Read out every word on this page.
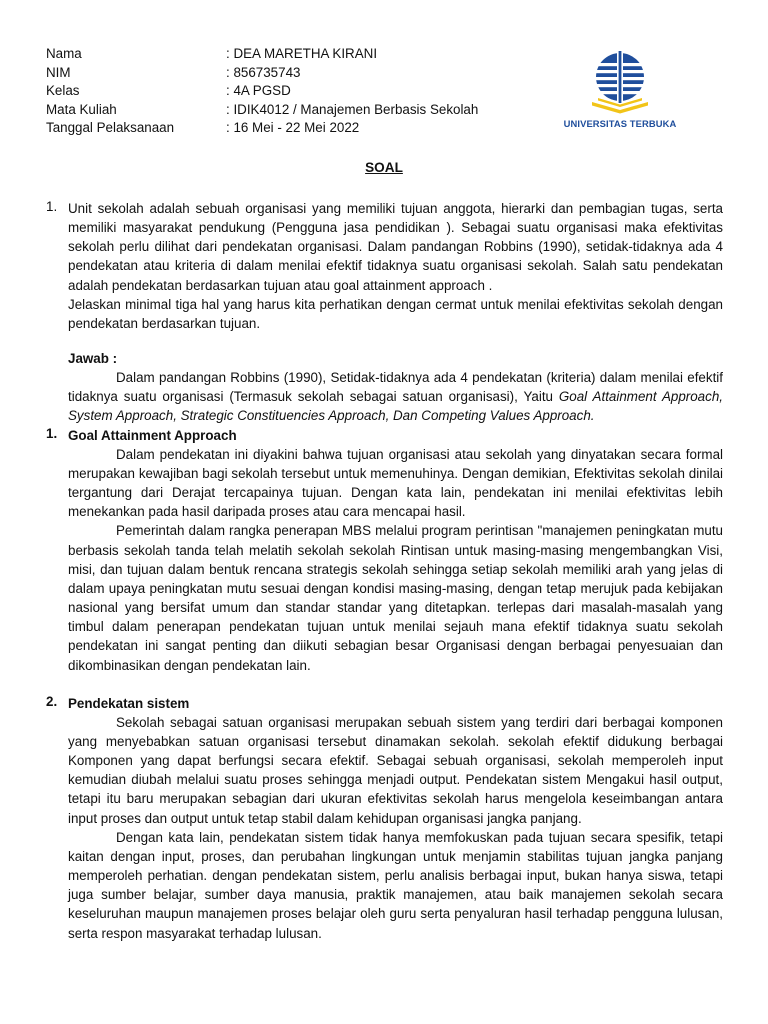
Nama	: DEA MARETHA KIRANI
NIM	: 856735743
Kelas	: 4A PGSD
Mata Kuliah	: IDIK4012 / Manajemen Berbasis Sekolah
Tanggal Pelaksanaan	: 16 Mei - 22 Mei 2022	UNIVERSITAS TERBUKA
SOAL
1. Unit sekolah adalah sebuah organisasi yang memiliki tujuan anggota, hierarki dan pembagian tugas, serta memiliki masyarakat pendukung (Pengguna jasa pendidikan ). Sebagai suatu organisasi maka efektivitas sekolah perlu dilihat dari pendekatan organisasi. Dalam pandangan Robbins (1990), setidak-tidaknya ada 4 pendekatan atau kriteria di dalam menilai efektif tidaknya suatu organisasi sekolah. Salah satu pendekatan adalah pendekatan berdasarkan tujuan atau goal attainment approach .

Jelaskan minimal tiga hal yang harus kita perhatikan dengan cermat untuk menilai efektivitas sekolah dengan pendekatan berdasarkan tujuan.

Jawab :

Dalam pandangan Robbins (1990), Setidak-tidaknya ada 4 pendekatan (kriteria) dalam menilai efektif tidaknya suatu organisasi (Termasuk sekolah sebagai satuan organisasi), Yaitu Goal Attainment Approach, System Approach, Strategic Constituencies Approach, Dan Competing Values Approach.

1. Goal Attainment Approach

Dalam pendekatan ini diyakini bahwa tujuan organisasi atau sekolah yang dinyatakan secara formal merupakan kewajiban bagi sekolah tersebut untuk memenuhinya. Dengan demikian, Efektivitas sekolah dinilai tergantung dari Derajat tercapainya tujuan. Dengan kata lain, pendekatan ini menilai efektivitas lebih menekankan pada hasil daripada proses atau cara mencapai hasil.

Pemerintah dalam rangka penerapan MBS melalui program perintisan "manajemen peningkatan mutu berbasis sekolah tanda telah melatih sekolah sekolah Rintisan untuk masing-masing mengembangkan Visi, misi, dan tujuan dalam bentuk rencana strategis sekolah sehingga setiap sekolah memiliki arah yang jelas di dalam upaya peningkatan mutu sesuai dengan kondisi masing-masing, dengan tetap merujuk pada kebijakan nasional yang bersifat umum dan standar standar yang ditetapkan. terlepas dari masalah-masalah yang timbul dalam penerapan pendekatan tujuan untuk menilai sejauh mana efektif tidaknya suatu sekolah pendekatan ini sangat penting dan diikuti sebagian besar Organisasi dengan berbagai penyesuaian dan dikombinasikan dengan pendekatan lain.

2. Pendekatan sistem

Sekolah sebagai satuan organisasi merupakan sebuah sistem yang terdiri dari berbagai komponen yang menyebabkan satuan organisasi tersebut dinamakan sekolah. sekolah efektif didukung berbagai Komponen yang dapat berfungsi secara efektif. Sebagai sebuah organisasi, sekolah memperoleh input kemudian diubah melalui suatu proses sehingga menjadi output. Pendekatan sistem Mengakui hasil output, tetapi itu baru merupakan sebagian dari ukuran efektivitas sekolah harus mengelola keseimbangan antara input proses dan output untuk tetap stabil dalam kehidupan organisasi jangka panjang.

Dengan kata lain, pendekatan sistem tidak hanya memfokuskan pada tujuan secara spesifik, tetapi kaitan dengan input, proses, dan perubahan lingkungan untuk menjamin stabilitas tujuan jangka panjang memperoleh perhatian. dengan pendekatan sistem, perlu analisis berbagai input, bukan hanya siswa, tetapi juga sumber belajar, sumber daya manusia, praktik manajemen, atau baik manajemen sekolah secara keseluruhan maupun manajemen proses belajar oleh guru serta penyaluran hasil terhadap pengguna lulusan, serta respon masyarakat terhadap lulusan.
